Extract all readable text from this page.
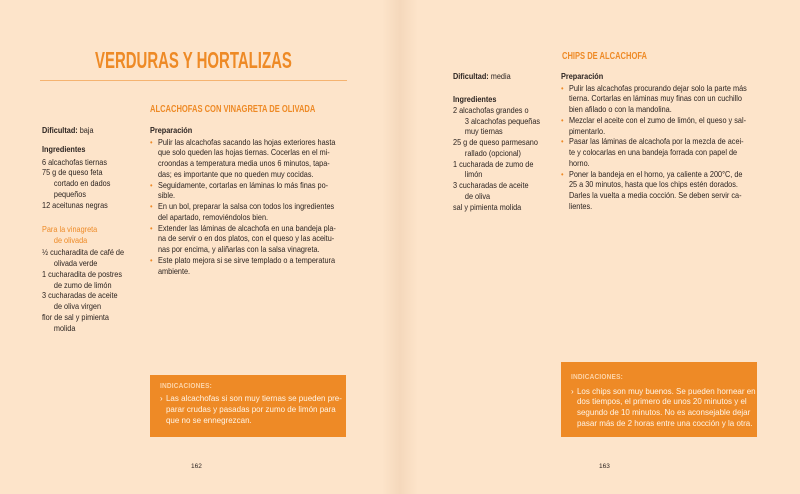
VERDURAS Y HORTALIZAS
ALCACHOFAS CON VINAGRETA DE OLIVADA

Dificultad: baja

Ingredientes

6 alcachofas tiernas
75 g de queso feta
cortado en dados
pequeños
12 aceitunas negras

Para la vinagreta
de olivada

½ cucharadita de café de
olivada verde
1 cucharadita de postres
de zumo de limón
3 cucharadas de aceite
de oliva virgen
flor de sal y pimienta
molida

Preparación

• Pulir las alcachofas sacando las hojas exteriores hasta
que solo queden las hojas tiernas. Cocerlas en el mi-
croondas a temperatura media unos 6 minutos, tapa-
das; es importante que no queden muy cocidas.
• Seguidamente, cortarlas en láminas lo más finas po-
sible.
• En un bol, preparar la salsa con todos los ingredientes
del apartado, removiéndolos bien.
• Extender las láminas de alcachofa en una bandeja pla-
na de servir o en dos platos, con el queso y las aceitu-
nas por encima, y aliñarlas con la salsa vinagreta.
• Este plato mejora si se sirve templado o a temperatura
ambiente.

INDICACIONES:

› Las alcachofas si son muy tiernas se pueden pre-
parar crudas y pasadas por zumo de limón para
que no se ennegrezcan.

162

CHIPS DE ALCACHOFA

Dificultad: media

Ingredientes

2 alcachofas grandes o
3 alcachofas pequeñas
muy tiernas
25 g de queso parmesano
rallado (opcional)
1 cucharada de zumo de
limón
3 cucharadas de aceite
de oliva
sal y pimienta molida

Preparación

• Pulir las alcachofas procurando dejar solo la parte más
tierna. Cortarlas en láminas muy finas con un cuchillo
bien afilado o con la mandolina.
• Mezclar el aceite con el zumo de limón, el queso y sal-
pimentarlo.
• Pasar las láminas de alcachofa por la mezcla de acei-
te y colocarlas en una bandeja forrada con papel de
horno.
• Poner la bandeja en el horno, ya caliente a 200°C, de
25 a 30 minutos, hasta que los chips estén dorados.
Darles la vuelta a media cocción. Se deben servir ca-
lientes.

INDICACIONES:

› Los chips son muy buenos. Se pueden hornear en
dos tiempos, el primero de unos 20 minutos y el
segundo de 10 minutos. No es aconsejable dejar
pasar más de 2 horas entre una cocción y la otra.

163
